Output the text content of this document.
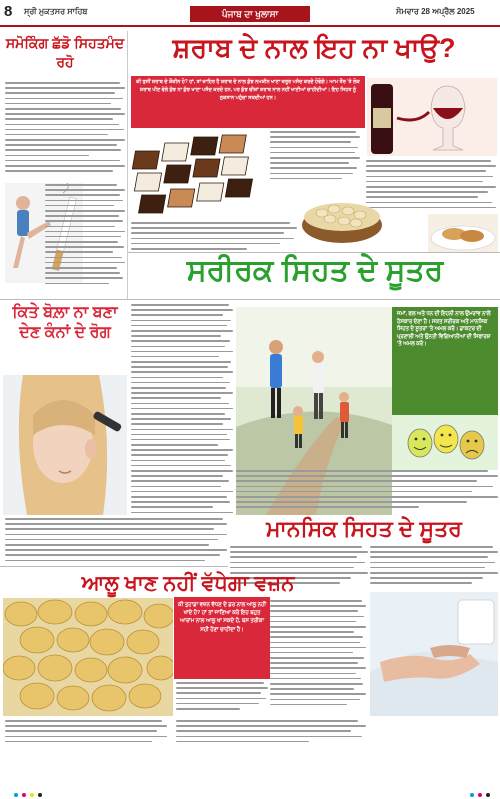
8 ਸ੍ਰੀ ਮੁਕਤਸਰ ਸਾਹਿਬ	ਪੰਜਾਬ ਦਾ ਖੁਲਾਸਾ	ਸੋਮਵਾਰ 28 ਅਪ੍ਰੈਲ 2025
ਸਮੋਕਿੰਗ ਛੱਡੋ ਸਿਹਤਮੰਦ ਰਹੋ	ਸ਼ਰਾਬ ਦੇ ਨਾਲ ਇਹ ਨਾ ਖਾਉ?
ਕੀ ਤੁਸੀਂ ਸ਼ਰਾਬ ਦੇ ਸ਼ੌਕੀਨ ਹੋ? ਹਾਂ, ਤਾਂ ਜ਼ਾਹਿਰ ਹੈ ਸ਼ਰਾਬ ਦੇ ਨਾਲ ਕੁੱਝ ਨਮਕੀਨ ਖਾਣਾ ਜ਼ਰੂਰ ਪਸੰਦ ਕਰਦੇ ਹੋਵੋਗੇ। ਆਮ ਤੌਰ 'ਤੇ ਲੋਕ ਸ਼ਰਾਬ ਪੀਣ ਵੇਲੇ ਕੁੱਝ ਨਾ ਕੁੱਝ ਖਾਣਾ ਪਸੰਦ ਕਰਦੇ ਹਨ, ਪਰ ਕੁੱਝ ਚੀਜ਼ਾਂ ਸ਼ਰਾਬ ਨਾਲ ਨਹੀਂ ਖਾਣੀਆਂ ਚਾਹੀਦੀਆਂ। ਇਹ ਸਿਹਤ ਨੂੰ ਨੁਕਸਾਨ ਪਹੁੰਚਾ ਸਕਦੀਆਂ ਹਨ।
ਸਰੀਰਕ ਸਿਹਤ ਦੇ ਸੂਤਰ
ਕਿਤੇ ਬੋਲ਼ਾ ਨਾ ਬਣਾ ਦੇਣ ਕੰਨਾਂ ਦੇ ਰੋਗ
ਜਮਾਂ, ਫਲ ਅਤੇ ਧਨ ਦੀ ਇਹਨੀ ਨਾਲ ਉਮਰਾਂਵ ਨਾਲੋਂ ਹੋਸਕਾਰ ਦੇਣਾ ਹੈ। ਸਕਤ ਸਰੀਰਕ ਅਤੇ ਮਾਨਸਿਕ ਸਿਹਤ ਦੇ ਸੂਤਰਾਂ 'ਤੇ ਅਮਲ ਕਰੋ। ਡਾਕਟਰ ਦੀ ਪ੍ਰਣਾਲੀ ਅਤੇ ਉਨਤੀ ਵਿਗਿਆਨੀਆਂ ਦੀ ਸਿਫਾਰਸ਼ 'ਤੇ ਅਮਲ ਕਰੋ।
ਮਾਨਸਿਕ ਸਿਹਤ ਦੇ ਸੂਤਰ
ਆਲੂ ਖਾਣ ਨਹੀਂ ਵੱਧੇਗਾ ਵਜ਼ਨ
ਕੀ ਤੁਹਾਡਾ ਵਜ਼ਨ ਵੱਧਣ ਦੇ ਡਰ ਨਾਲ ਆਲੂ ਨਹੀਂ ਖਾਂਦੇ ਹੋ? ਹਾਂ ਤਾਂ ਜਾਣਿਆ ਕਰੋ ਇਹ ਬਹੁਤ ਆਰਾਮ ਨਾਲ ਆਲੂ ਖਾ ਸਕਦੇ ਹੋ, ਬਸ ਤਰੀਕਾ ਸਹੀ ਹੋਣਾ ਚਾਹੀਦਾ ਹੈ।
